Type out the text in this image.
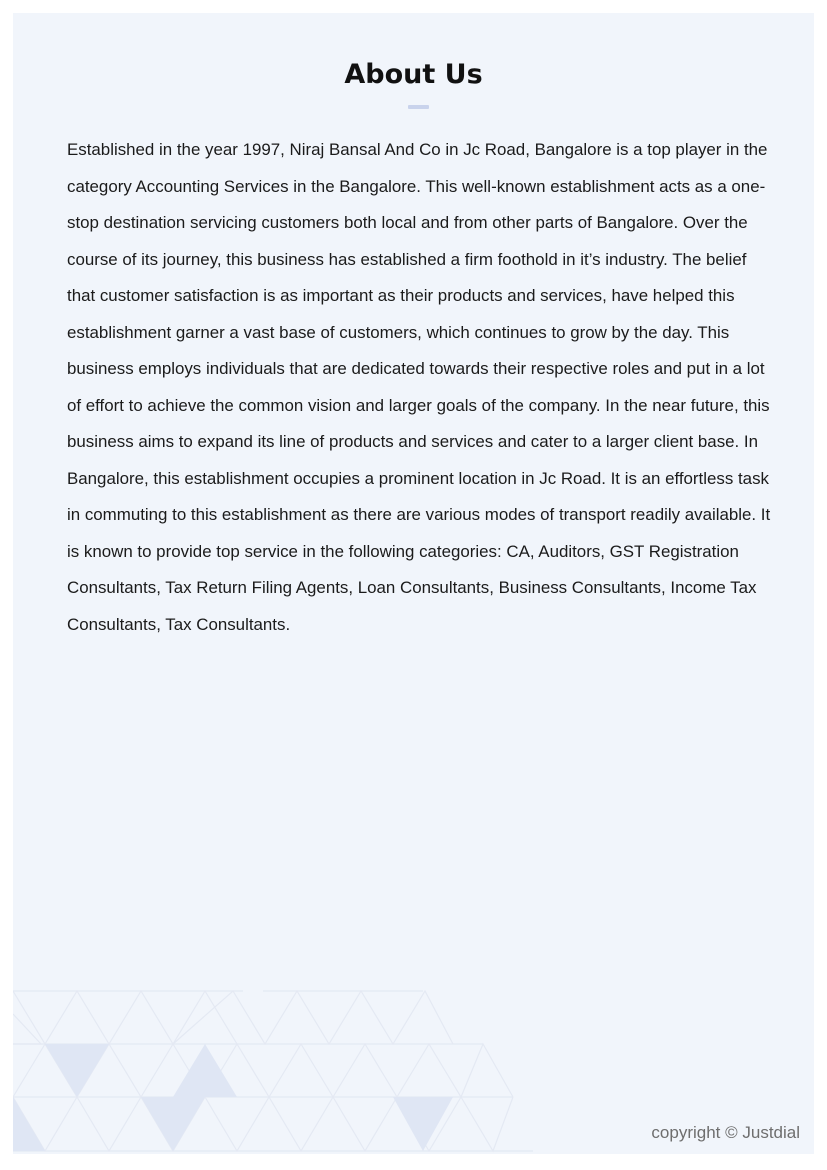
About Us

Established in the year 1997, Niraj Bansal And Co in Jc Road, Bangalore is a top player in the category Accounting Services in the Bangalore. This well-known establishment acts as a one-stop destination servicing customers both local and from other parts of Bangalore. Over the course of its journey, this business has established a firm foothold in it’s industry. The belief that customer satisfaction is as important as their products and services, have helped this establishment garner a vast base of customers, which continues to grow by the day. This business employs individuals that are dedicated towards their respective roles and put in a lot of effort to achieve the common vision and larger goals of the company. In the near future, this business aims to expand its line of products and services and cater to a larger client base. In Bangalore, this establishment occupies a prominent location in Jc Road. It is an effortless task in commuting to this establishment as there are various modes of transport readily available. It is known to provide top service in the following categories: CA, Auditors, GST Registration Consultants, Tax Return Filing Agents, Loan Consultants, Business Consultants, Income Tax Consultants, Tax Consultants.

copyright © Justdial
